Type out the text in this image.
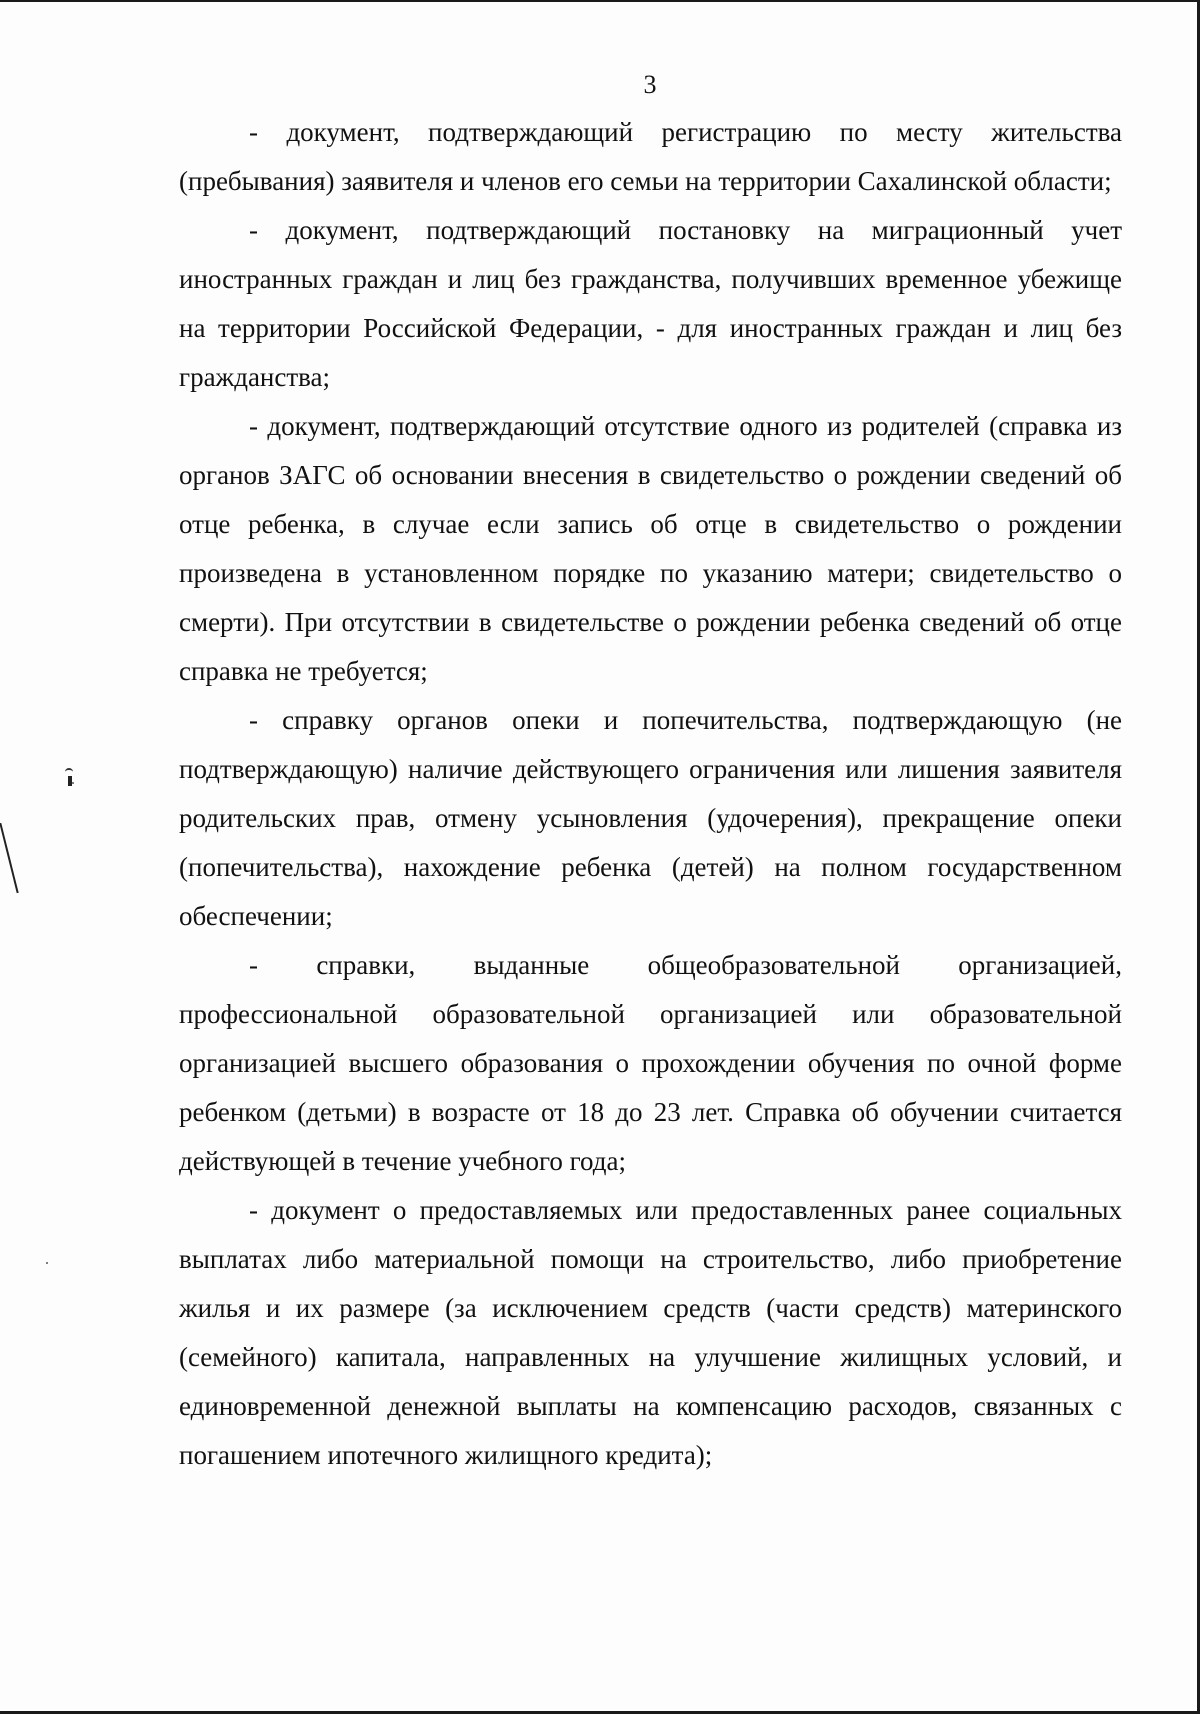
3

- документ, подтверждающий регистрацию по месту жительства (пребывания) заявителя и членов его семьи на территории Сахалинской области;

- документ, подтверждающий постановку на миграционный учет иностранных граждан и лиц без гражданства, получивших временное убежище на территории Российской Федерации, - для иностранных граждан и лиц без гражданства;

- документ, подтверждающий отсутствие одного из родителей (справка из органов ЗАГС об основании внесения в свидетельство о рождении сведений об отце ребенка, в случае если запись об отце в свидетельство о рождении произведена в установленном порядке по указанию матери; свидетельство о смерти). При отсутствии в свидетельстве о рождении ребенка сведений об отце справка не требуется;

- справку органов опеки и попечительства, подтверждающую (не подтверждающую) наличие действующего ограничения или лишения заявителя родительских прав, отмену усыновления (удочерения), прекращение опеки (попечительства), нахождение ребенка (детей) на полном государственном обеспечении;

- справки, выданные общеобразовательной организацией, профессиональной образовательной организацией или образовательной организацией высшего образования о прохождении обучения по очной форме ребенком (детьми) в возрасте от 18 до 23 лет. Справка об обучении считается действующей в течение учебного года;

- документ о предоставляемых или предоставленных ранее социальных выплатах либо материальной помощи на строительство, либо приобретение жилья и их размере (за исключением средств (части средств) материнского (семейного) капитала, направленных на улучшение жилищных условий, и единовременной денежной выплаты на компенсацию расходов, связанных с погашением ипотечного жилищного кредита);
